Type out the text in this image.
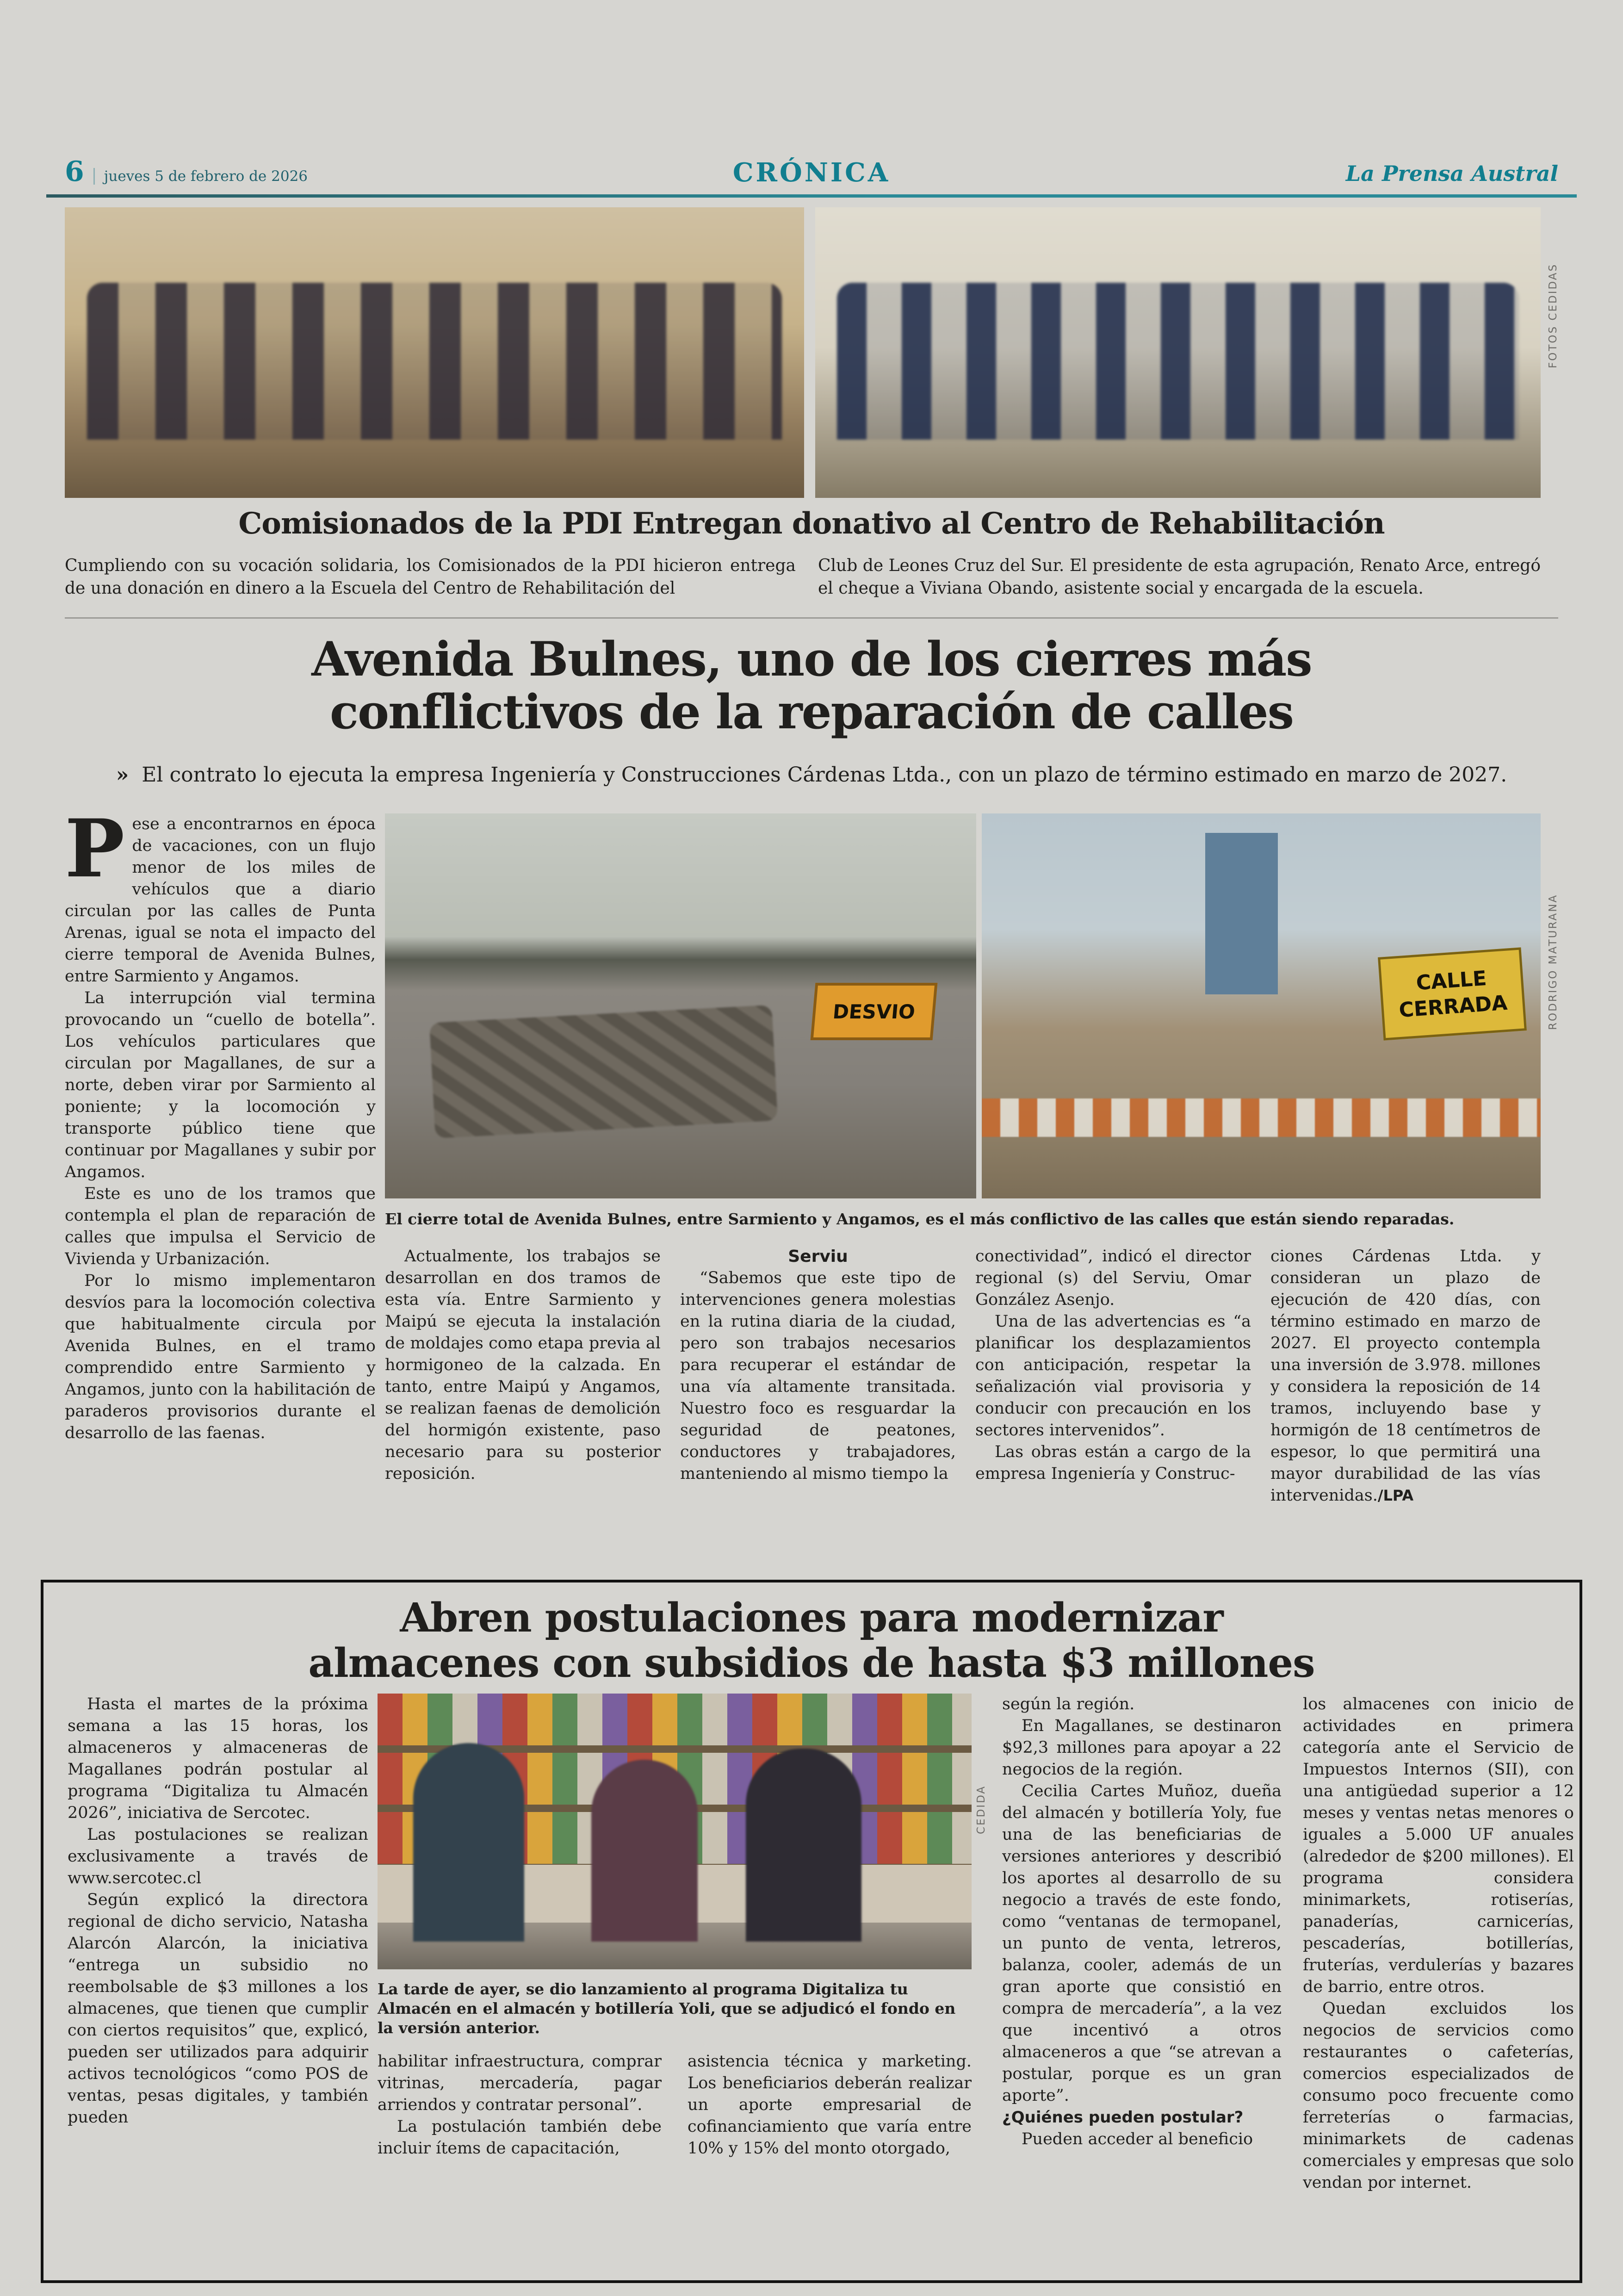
6	jueves 5 de febrero de 2026	CRÓNICA	La Prensa Austral
FOTOS CEDIDAS
Comisionados de la PDI Entregan donativo al Centro de Rehabilitación
Cumpliendo con su vocación solidaria, los Comisionados de la PDI hicieron entrega de una donación en dinero a la Escuela del Centro de Rehabilitación del
Club de Leones Cruz del Sur. El presidente de esta agrupación, Renato Arce, entregó el cheque a Viviana Obando, asistente social y encargada de la escuela.
Avenida Bulnes, uno de los cierres más
conflictivos de la reparación de calles
» El contrato lo ejecuta la empresa Ingeniería y Construcciones Cárdenas Ltda., con un plazo de término estimado en marzo de 2027.

Pese a encontrarnos en época de vacaciones, con un flujo menor de los miles de vehículos que a diario circulan por las calles de Punta Arenas, igual se nota el impacto del cierre temporal de Avenida Bulnes, entre Sarmiento y Angamos.

La interrupción vial termina provocando un “cuello de botella”. Los vehículos particulares que circulan por Magallanes, de sur a norte, deben virar por Sarmiento al poniente; y la locomoción y transporte público tiene que continuar por Magallanes y subir por Angamos.

Este es uno de los tramos que contempla el plan de reparación de calles que impulsa el Servicio de Vivienda y Urbanización.

Por lo mismo implementaron desvíos para la locomoción colectiva que habitualmente circula por Avenida Bulnes, en el tramo comprendido entre Sarmiento y Angamos, junto con la habilitación de paraderos provisorios durante el desarrollo de las faenas.

DESVIO
CALLE
CERRADA	RODRIGO MATURANA
El cierre total de Avenida Bulnes, entre Sarmiento y Angamos, es el más conflictivo de las calles que están siendo reparadas.

Actualmente, los trabajos se desarrollan en dos tramos de esta vía. Entre Sarmiento y Maipú se ejecuta la instalación de moldajes como etapa previa al hormigoneo de la calzada. En tanto, entre Maipú y Angamos, se realizan faenas de demolición del hormigón existente, paso necesario para su posterior reposición.

Serviu

“Sabemos que este tipo de intervenciones genera molestias en la rutina diaria de la ciudad, pero son trabajos necesarios para recuperar el estándar de una vía altamente transitada. Nuestro foco es resguardar la seguridad de peatones, conductores y trabajadores, manteniendo al mismo tiempo la

conectividad”, indicó el director regional (s) del Serviu, Omar González Asenjo.

Una de las advertencias es “a planificar los desplazamientos con anticipación, respetar la señalización vial provisoria y conducir con precaución en los sectores intervenidos”.

Las obras están a cargo de la empresa Ingeniería y Construc-

ciones Cárdenas Ltda. y consideran un plazo de ejecución de 420 días, con término estimado en marzo de 2027. El proyecto contempla una inversión de 3.978. millones y considera la reposición de 14 tramos, incluyendo base y hormigón de 18 centímetros de espesor, lo que permitirá una mayor durabilidad de las vías intervenidas./LPA

Abren postulaciones para modernizar
almacenes con subsidios de hasta $3 millones

Hasta el martes de la próxima semana a las 15 horas, los almaceneros y almaceneras de Magallanes podrán postular al programa “Digitaliza tu Almacén 2026”, iniciativa de Sercotec.

Las postulaciones se realizan exclusivamente a través de www.sercotec.cl

Según explicó la directora regional de dicho servicio, Natasha Alarcón Alarcón, la iniciativa “entrega un subsidio no reembolsable de $3 millones a los almacenes, que tienen que cumplir con ciertos requisitos” que, explicó, pueden ser utilizados para adquirir activos tecnológicos “como POS de ventas, pesas digitales, y también pueden

CEDIDA
La tarde de ayer, se dio lanzamiento al programa Digitaliza tu Almacén en el almacén y botillería Yoli, que se adjudicó el fondo en la versión anterior.

habilitar infraestructura, comprar vitrinas, mercadería, pagar arriendos y contratar personal”.

La postulación también debe incluir ítems de capacitación,

asistencia técnica y marketing. Los beneficiarios deberán realizar un aporte empresarial de cofinanciamiento que varía entre 10% y 15% del monto otorgado,

según la región.

En Magallanes, se destinaron $92,3 millones para apoyar a 22 negocios de la región.

Cecilia Cartes Muñoz, dueña del almacén y botillería Yoly, fue una de las beneficiarias de versiones anteriores y describió los aportes al desarrollo de su negocio a través de este fondo, como “ventanas de termopanel, un punto de venta, letreros, balanza, cooler, además de un gran aporte que consistió en compra de mercadería”, a la vez que incentivó a otros almaceneros a que “se atrevan a postular, porque es un gran aporte”.

¿Quiénes pueden postular?

Pueden acceder al beneficio

los almacenes con inicio de actividades en primera categoría ante el Servicio de Impuestos Internos (SII), con una antigüedad superior a 12 meses y ventas netas menores o iguales a 5.000 UF anuales (alrededor de $200 millones). El programa considera minimarkets, rotiserías, panaderías, carnicerías, pescaderías, botillerías, fruterías, verdulerías y bazares de barrio, entre otros.

Quedan excluidos los negocios de servicios como restaurantes o cafeterías, comercios especializados de consumo poco frecuente como ferreterías o farmacias, minimarkets de cadenas comerciales y empresas que solo vendan por internet.
